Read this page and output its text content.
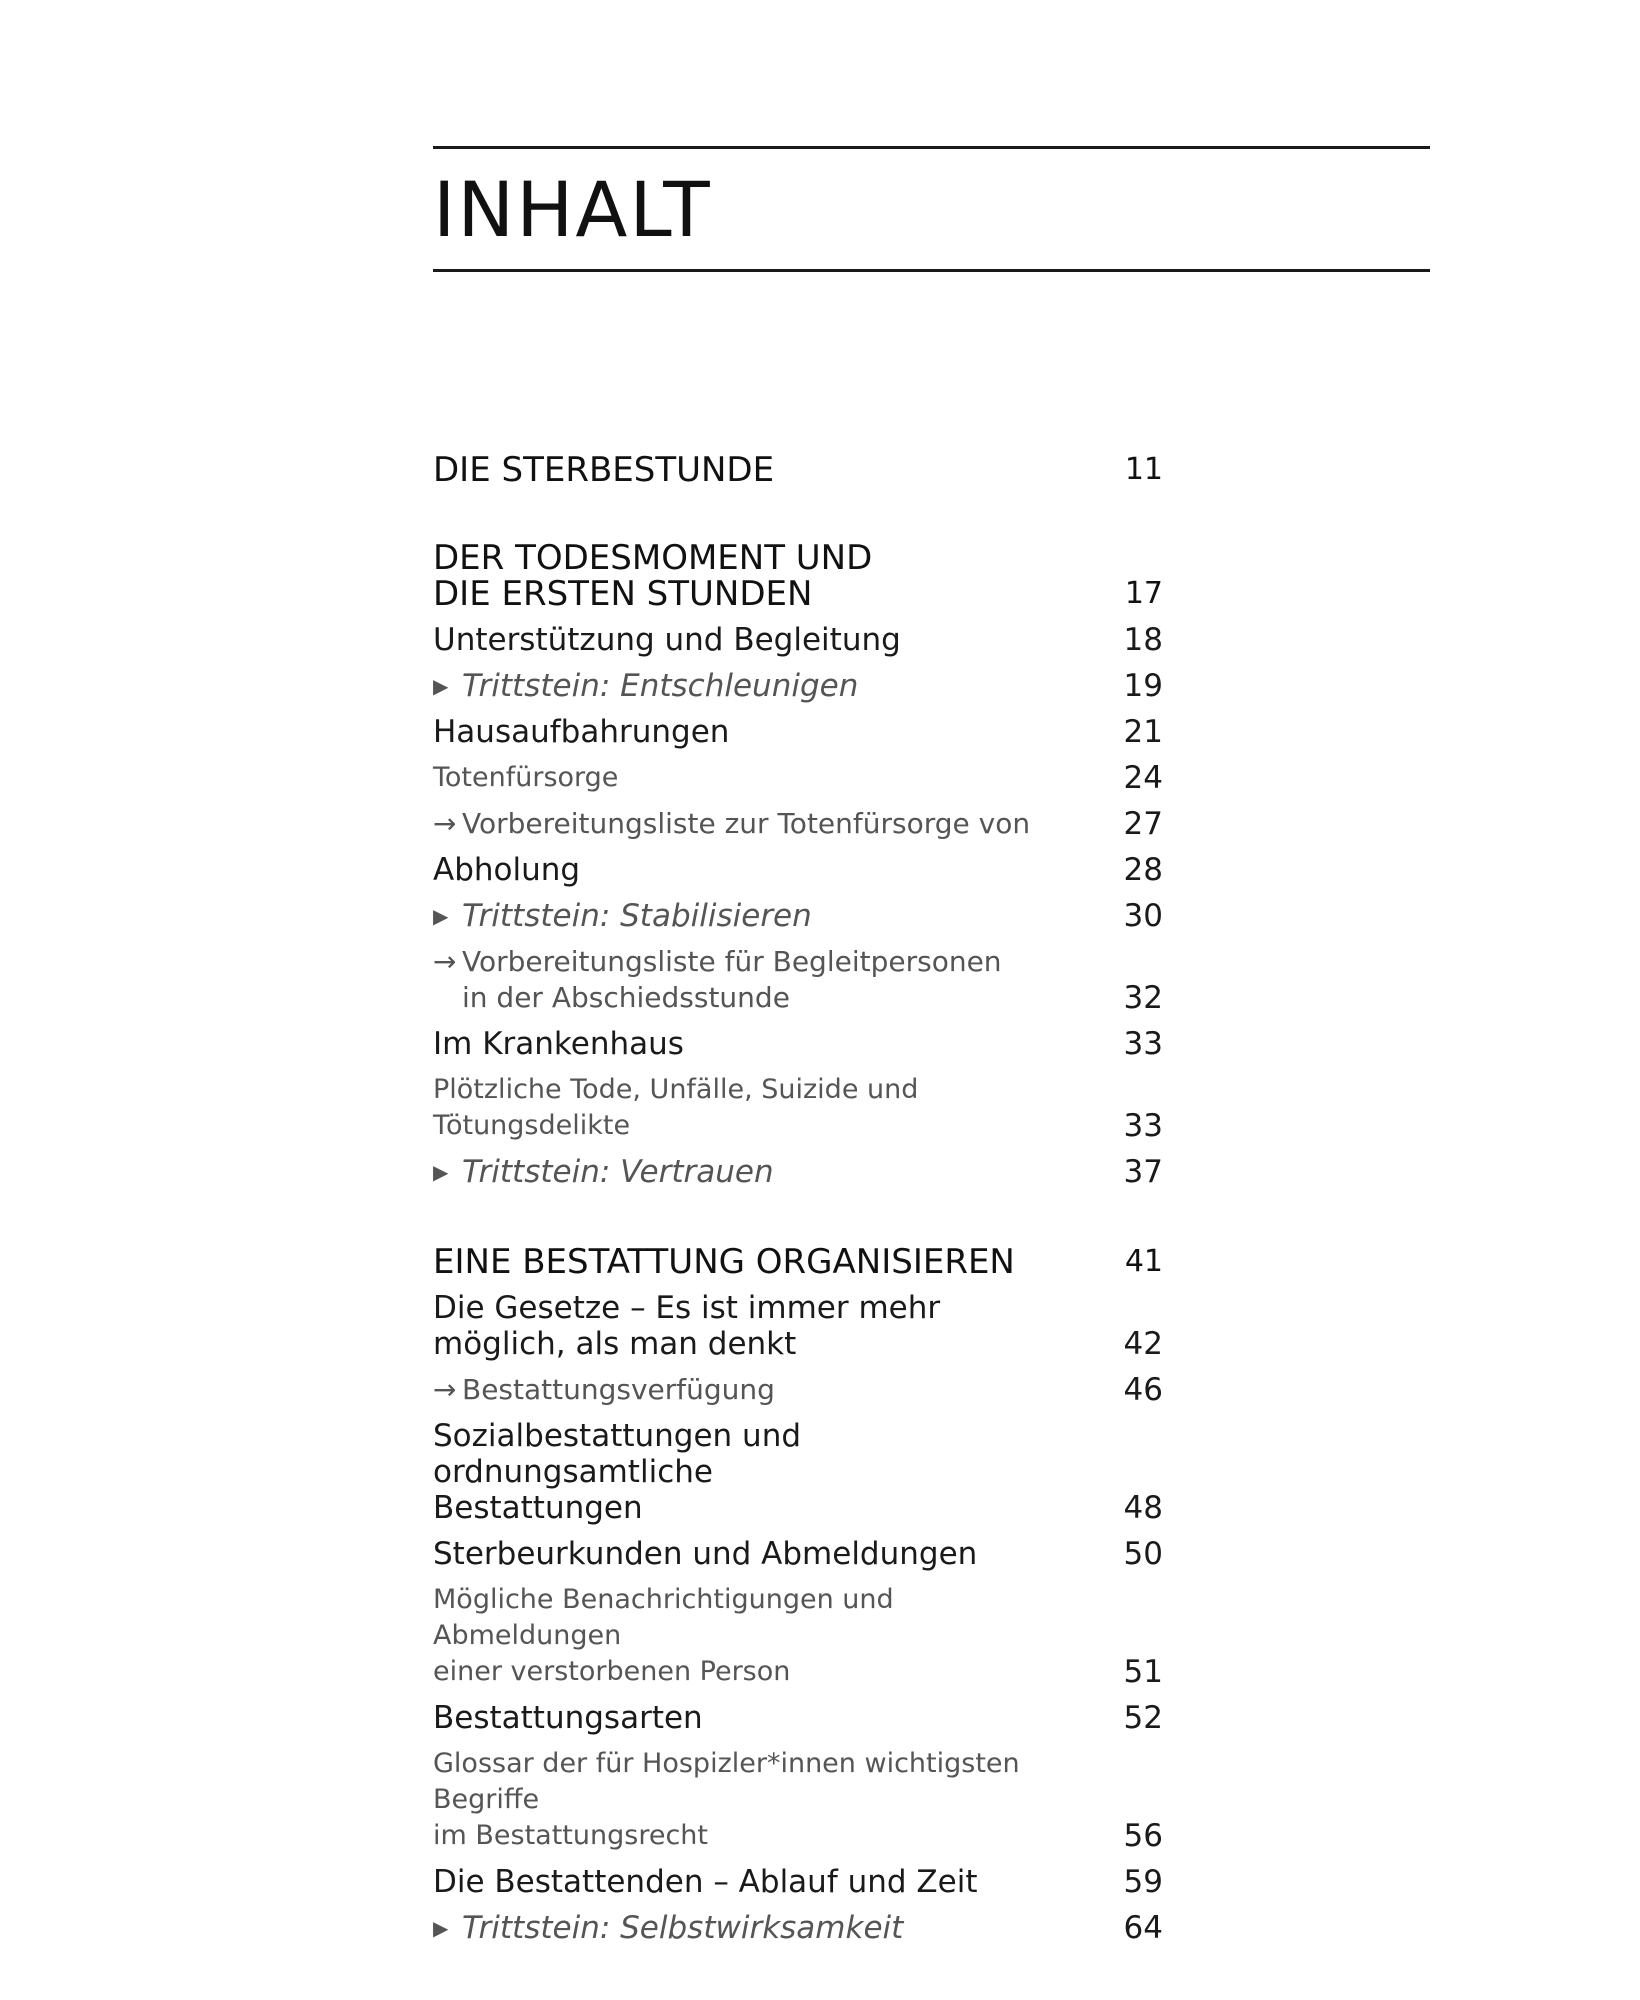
INHALT
DIE STERBESTUNDE	11
DER TODESMOMENT UND
DIE ERSTEN STUNDEN	17
Unterstützung und Begleitung	18
▶ Trittstein: Entschleunigen	19
Hausaufbahrungen	21
Totenfürsorge	24
→ Vorbereitungsliste zur Totenfürsorge von	27
Abholung	28
▶ Trittstein: Stabilisieren	30
→ Vorbereitungsliste für Begleitpersonen
in der Abschiedsstunde	32
Im Krankenhaus	33
Plötzliche Tode, Unfälle, Suizide und Tötungsdelikte	33
▶ Trittstein: Vertrauen	37
EINE BESTATTUNG ORGANISIEREN	41
Die Gesetze – Es ist immer mehr
möglich, als man denkt	42
→ Bestattungsverfügung	46
Sozialbestattungen und ordnungsamtliche
Bestattungen	48
Sterbeurkunden und Abmeldungen	50
Mögliche Benachrichtigungen und Abmeldungen
einer verstorbenen Person	51
Bestattungsarten	52
Glossar der für Hospizler*innen wichtigsten Begriffe
im Bestattungsrecht	56
Die Bestattenden – Ablauf und Zeit	59
▶ Trittstein: Selbstwirksamkeit	64
